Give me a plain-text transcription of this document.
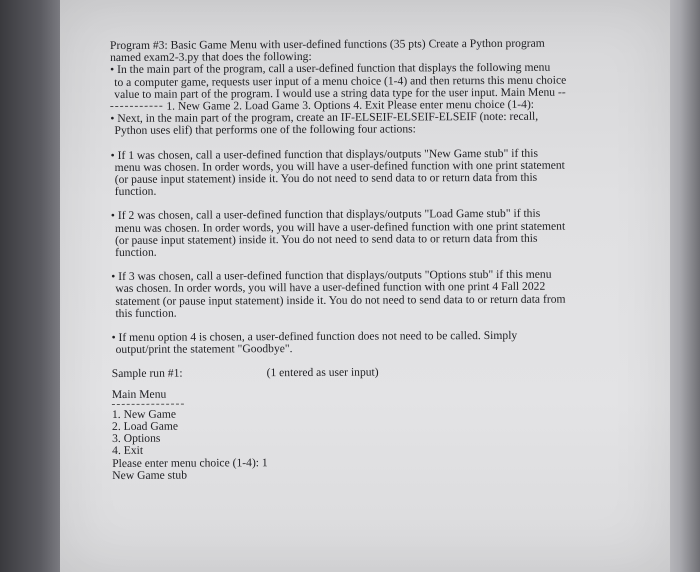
Program #3: Basic Game Menu with user-defined functions (35 pts) Create a Python program
named exam2-3.py that does the following:
• In the main part of the program, call a user-defined function that displays the following menu
to a computer game, requests user input of a menu choice (1-4) and then returns this menu choice
value to main part of the program. I would use a string data type for the user input. Main Menu --
1. New Game 2. Load Game 3. Options 4. Exit Please enter menu choice (1-4):
• Next, in the main part of the program, create an IF-ELSEIF-ELSEIF-ELSEIF (note: recall,
Python uses elif) that performs one of the following four actions:
• If 1 was chosen, call a user-defined function that displays/outputs "New Game stub" if this
menu was chosen. In order words, you will have a user-defined function with one print statement
(or pause input statement) inside it. You do not need to send data to or return data from this
function.
• If 2 was chosen, call a user-defined function that displays/outputs "Load Game stub" if this
menu was chosen. In order words, you will have a user-defined function with one print statement
(or pause input statement) inside it. You do not need to send data to or return data from this
function.
• If 3 was chosen, call a user-defined function that displays/outputs "Options stub" if this menu
was chosen. In order words, you will have a user-defined function with one print 4 Fall 2022
statement (or pause input statement) inside it. You do not need to send data to or return data from
this function.
• If menu option 4 is chosen, a user-defined function does not need to be called. Simply
output/print the statement "Goodbye".
Sample run #1:	(1 entered as user input)
Main Menu
1. New Game
2. Load Game
3. Options
4. Exit
Please enter menu choice (1-4): 1
New Game stub
